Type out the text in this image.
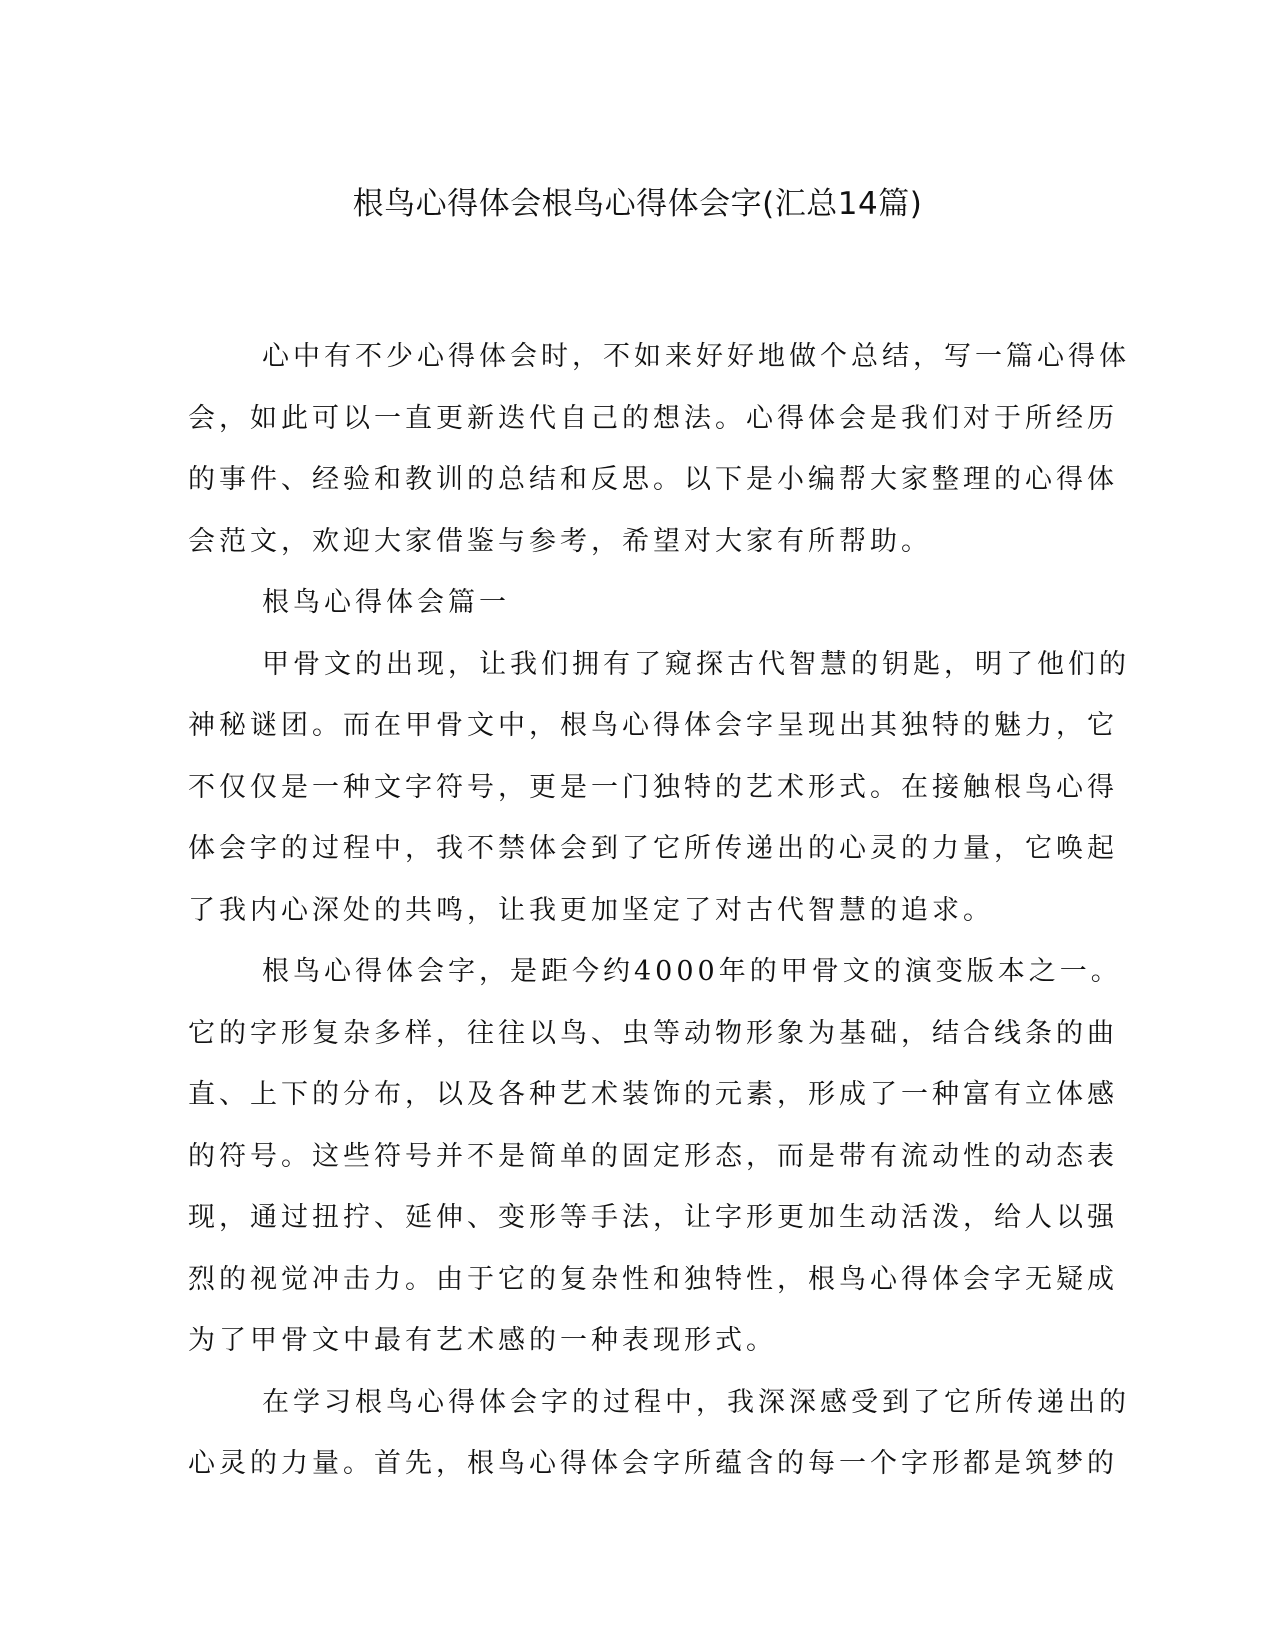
根鸟心得体会根鸟心得体会字(汇总14篇)

心中有不少心得体会时，不如来好好地做个总结，写一篇心得体

会，如此可以一直更新迭代自己的想法。心得体会是我们对于所经历

的事件、经验和教训的总结和反思。以下是小编帮大家整理的心得体

会范文，欢迎大家借鉴与参考，希望对大家有所帮助。

根鸟心得体会篇一

甲骨文的出现，让我们拥有了窥探古代智慧的钥匙，明了他们的

神秘谜团。而在甲骨文中，根鸟心得体会字呈现出其独特的魅力，它

不仅仅是一种文字符号，更是一门独特的艺术形式。在接触根鸟心得

体会字的过程中，我不禁体会到了它所传递出的心灵的力量，它唤起

了我内心深处的共鸣，让我更加坚定了对古代智慧的追求。

根鸟心得体会字，是距今约4000年的甲骨文的演变版本之一。

它的字形复杂多样，往往以鸟、虫等动物形象为基础，结合线条的曲

直、上下的分布，以及各种艺术装饰的元素，形成了一种富有立体感

的符号。这些符号并不是简单的固定形态，而是带有流动性的动态表

现，通过扭拧、延伸、变形等手法，让字形更加生动活泼，给人以强

烈的视觉冲击力。由于它的复杂性和独特性，根鸟心得体会字无疑成

为了甲骨文中最有艺术感的一种表现形式。

在学习根鸟心得体会字的过程中，我深深感受到了它所传递出的

心灵的力量。首先，根鸟心得体会字所蕴含的每一个字形都是筑梦的
